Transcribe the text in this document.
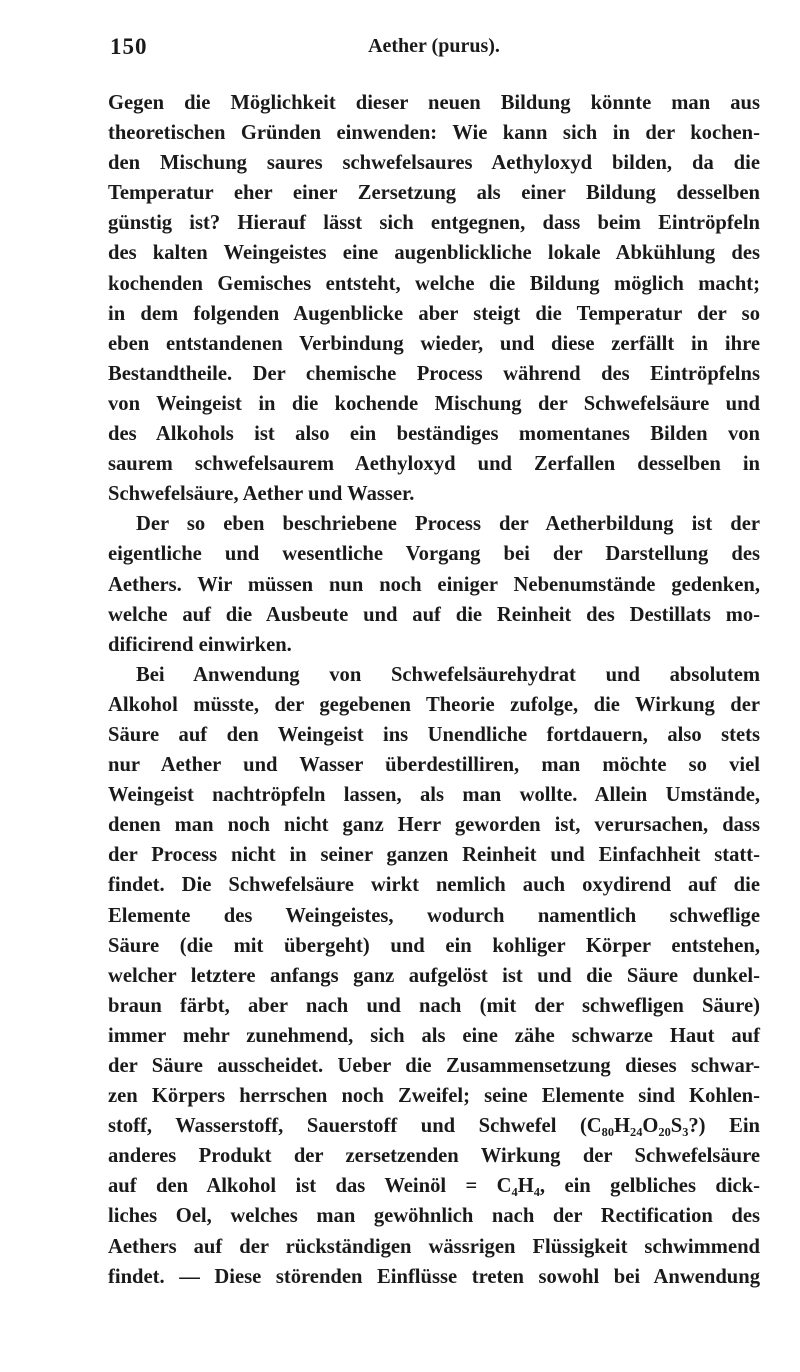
150	Aether (purus).
Gegen die Möglichkeit dieser neuen Bildung könnte man aus
theoretischen Gründen einwenden: Wie kann sich in der kochen-
den Mischung saures schwefelsaures Aethyloxyd bilden, da die
Temperatur eher einer Zersetzung als einer Bildung desselben
günstig ist? Hierauf lässt sich entgegnen, dass beim Eintröpfeln
des kalten Weingeistes eine augenblickliche lokale Abkühlung des
kochenden Gemisches entsteht, welche die Bildung möglich macht;
in dem folgenden Augenblicke aber steigt die Temperatur der so
eben entstandenen Verbindung wieder, und diese zerfällt in ihre
Bestandtheile. Der chemische Process während des Eintröpfelns
von Weingeist in die kochende Mischung der Schwefelsäure und
des Alkohols ist also ein beständiges momentanes Bilden von
saurem schwefelsaurem Aethyloxyd und Zerfallen desselben in
Schwefelsäure, Aether und Wasser.
Der so eben beschriebene Process der Aetherbildung ist der
eigentliche und wesentliche Vorgang bei der Darstellung des
Aethers. Wir müssen nun noch einiger Nebenumstände gedenken,
welche auf die Ausbeute und auf die Reinheit des Destillats mo-
dificirend einwirken.
Bei Anwendung von Schwefelsäurehydrat und absolutem
Alkohol müsste, der gegebenen Theorie zufolge, die Wirkung der
Säure auf den Weingeist ins Unendliche fortdauern, also stets
nur Aether und Wasser überdestilliren, man möchte so viel
Weingeist nachtröpfeln lassen, als man wollte. Allein Umstände,
denen man noch nicht ganz Herr geworden ist, verursachen, dass
der Process nicht in seiner ganzen Reinheit und Einfachheit statt-
findet. Die Schwefelsäure wirkt nemlich auch oxydirend auf die
Elemente des Weingeistes, wodurch namentlich schweflige
Säure (die mit übergeht) und ein kohliger Körper entstehen,
welcher letztere anfangs ganz aufgelöst ist und die Säure dunkel-
braun färbt, aber nach und nach (mit der schwefligen Säure)
immer mehr zunehmend, sich als eine zähe schwarze Haut auf
der Säure ausscheidet. Ueber die Zusammensetzung dieses schwar-
zen Körpers herrschen noch Zweifel; seine Elemente sind Kohlen-
stoff, Wasserstoff, Sauerstoff und Schwefel (C₈₀H₂₄O₂₀S₃?) Ein
anderes Produkt der zersetzenden Wirkung der Schwefelsäure
auf den Alkohol ist das Weinöl = C₄H₄, ein gelbliches dick-
liches Oel, welches man gewöhnlich nach der Rectification des
Aethers auf der rückständigen wässrigen Flüssigkeit schwimmend
findet. — Diese störenden Einflüsse treten sowohl bei Anwendung
